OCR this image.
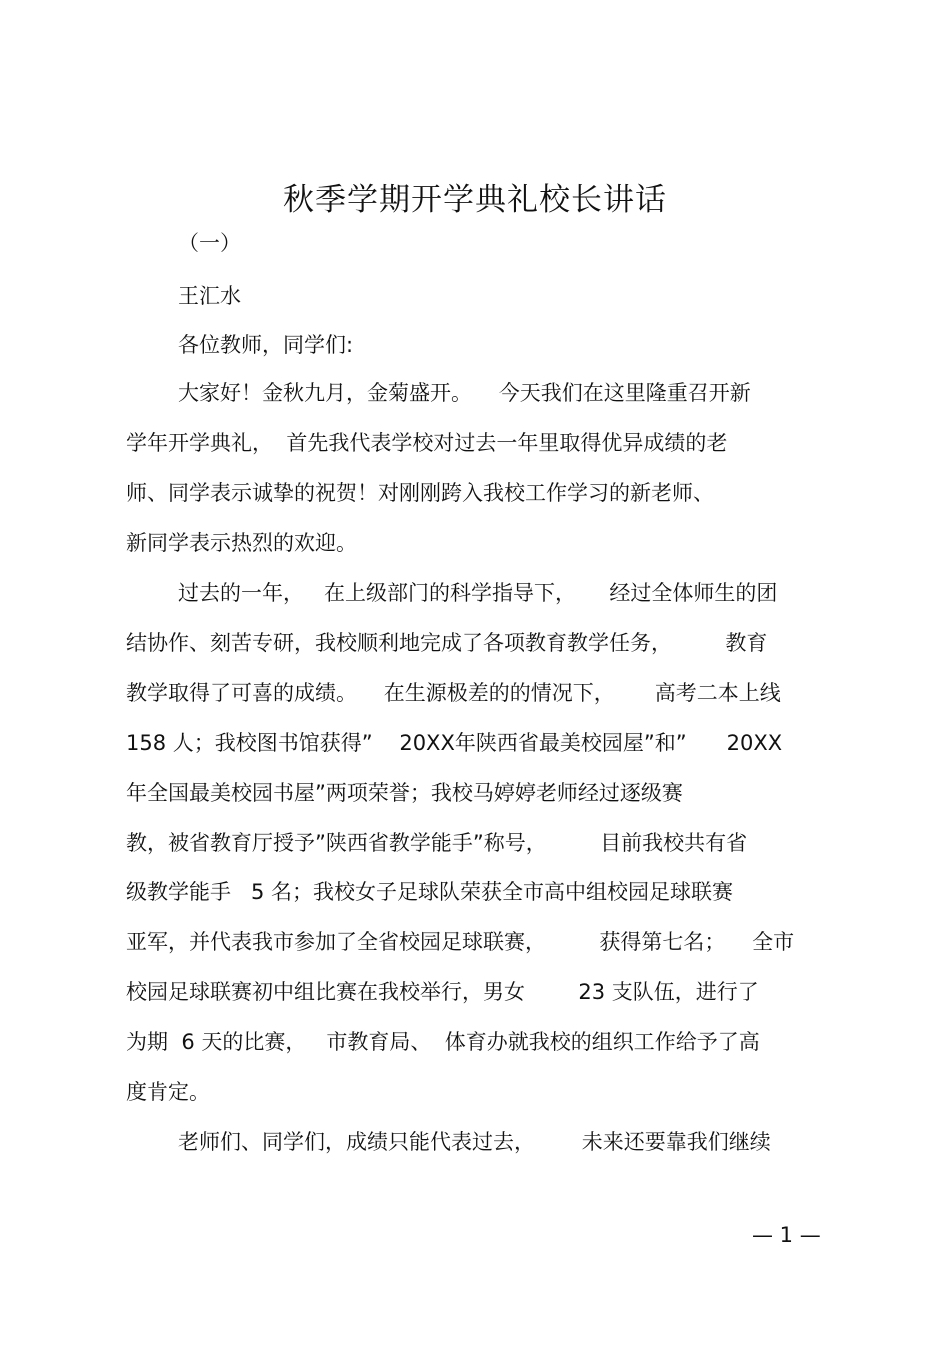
秋季学期开学典礼校长讲话
（一）
王汇水
各位教师，同学们:
大家好！金秋九月，金菊盛开。    今天我们在这里隆重召开新
学年开学典礼，  首先我代表学校对过去一年里取得优异成绩的老
师、同学表示诚挚的祝贺！对刚刚跨入我校工作学习的新老师、
新同学表示热烈的欢迎。
过去的一年，   在上级部门的科学指导下，     经过全体师生的团
结协作、刻苦专研，我校顺利地完成了各项教育教学任务，        教育
教学取得了可喜的成绩。    在生源极差的的情况下，      高考二本上线
158 人；我校图书馆获得”    20XX年陕西省最美校园屋”和”      20XX
年全国最美校园书屋”两项荣誉；我校马婷婷老师经过逐级赛
教，被省教育厅授予”陕西省教学能手”称号，        目前我校共有省
级教学能手   5 名；我校女子足球队荣获全市高中组校园足球联赛
亚军，并代表我市参加了全省校园足球联赛，        获得第七名；    全市
校园足球联赛初中组比赛在我校举行，男女        23 支队伍，进行了
为期  6 天的比赛，   市教育局、  体育办就我校的组织工作给予了高
度肯定。
老师们、同学们，成绩只能代表过去，       未来还要靠我们继续
— 1 —
